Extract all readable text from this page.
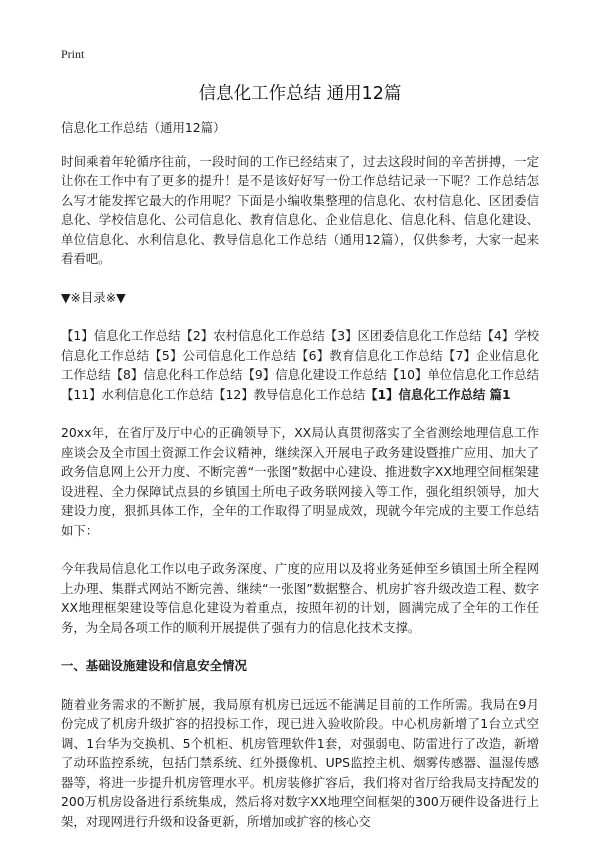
Print
信息化工作总结 通用12篇

信息化工作总结（通用12篇）

时间乘着年轮循序往前，一段时间的工作已经结束了，过去这段时间的辛苦拼搏，一定让你在工作中有了更多的提升！是不是该好好写一份工作总结记录一下呢？工作总结怎么写才能发挥它最大的作用呢？下面是小编收集整理的信息化、农村信息化、区团委信息化、学校信息化、公司信息化、教育信息化、企业信息化、信息化科、信息化建设、单位信息化、水利信息化、教导信息化工作总结（通用12篇），仅供参考，大家一起来看看吧。

▼※目录※▼

【1】信息化工作总结【2】农村信息化工作总结【3】区团委信息化工作总结【4】学校信息化工作总结【5】公司信息化工作总结【6】教育信息化工作总结【7】企业信息化工作总结【8】信息化科工作总结【9】信息化建设工作总结【10】单位信息化工作总结【11】水利信息化工作总结【12】教导信息化工作总结【1】信息化工作总结 篇1

20xx年，在省厅及厅中心的正确领导下，XX局认真贯彻落实了全省测绘地理信息工作座谈会及全市国土资源工作会议精神，继续深入开展电子政务建设暨推广应用、加大了政务信息网上公开力度、不断完善“一张图”数据中心建设、推进数字XX地理空间框架建设进程、全力保障试点县的乡镇国土所电子政务联网接入等工作，强化组织领导，加大建设力度，狠抓具体工作，全年的工作取得了明显成效，现就今年完成的主要工作总结如下：

今年我局信息化工作以电子政务深度、广度的应用以及将业务延伸至乡镇国土所全程网上办理、集群式网站不断完善、继续“一张图”数据整合、机房扩容升级改造工程、数字XX地理框架建设等信息化建设为着重点，按照年初的计划，圆满完成了全年的工作任务，为全局各项工作的顺利开展提供了强有力的信息化技术支撑。

一、基础设施建设和信息安全情况

随着业务需求的不断扩展，我局原有机房已远远不能满足目前的工作所需。我局在9月份完成了机房升级扩容的招投标工作，现已进入验收阶段。中心机房新增了1台立式空调、1台华为交换机、5个机柜、机房管理软件1套，对强弱电、防雷进行了改造，新增了动环监控系统，包括门禁系统、红外摄像机、UPS监控主机、烟雾传感器、温湿传感器等，将进一步提升机房管理水平。机房装修扩容后，我们将对省厅给我局支持配发的200万机房设备进行系统集成，然后将对数字XX地理空间框架的300万硬件设备进行上架，对现网进行升级和设备更新，所增加或扩容的核心交
